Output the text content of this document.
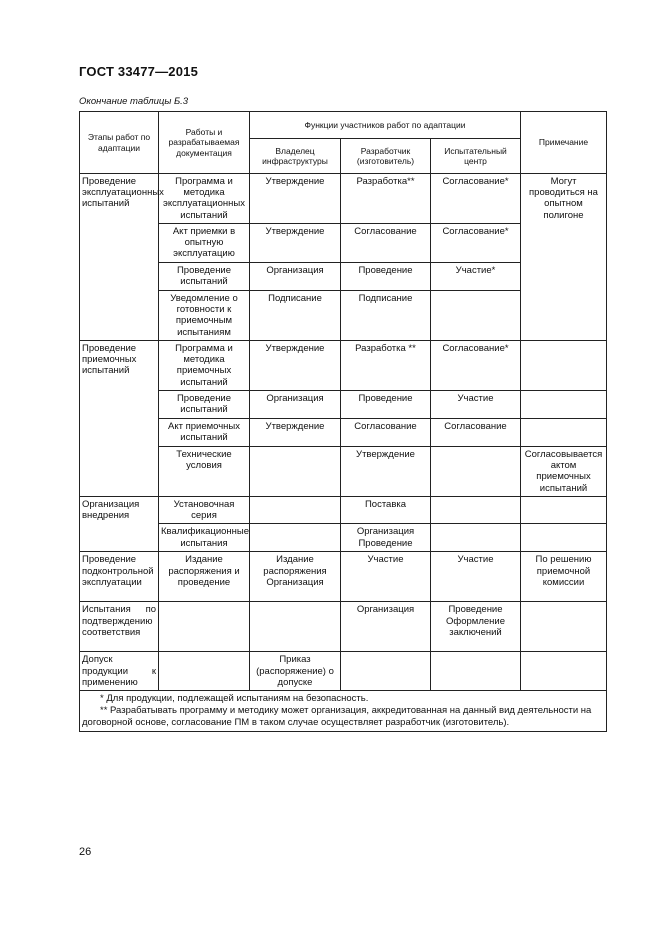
ГОСТ 33477—2015
Окончание таблицы Б.3
Этапы работ по адаптации	Работы и разрабатываемая документация	Функции участников работ по адаптации			Примечание
		Владелец инфраструктуры	Разработчик (изготовитель)	Испытательный центр	
Проведение эксплуатационных испытаний	Программа и методика эксплуатационных испытаний	Утверждение	Разработка**	Согласование*	Могут проводиться на опытном полигоне
	Акт приемки в опытную эксплуатацию	Утверждение	Согласование	Согласование*	
	Проведение испытаний	Организация	Проведение	Участие*	
	Уведомление о готовности к приемочным испытаниям	Подписание	Подписание		
Проведение приемочных испытаний	Программа и методика приемочных испытаний	Утверждение	Разработка **	Согласование*	
	Проведение испытаний	Организация	Проведение	Участие	
	Акт приемочных испытаний	Утверждение	Согласование	Согласование	
	Технические условия		Утверждение		Согласовывается актом приемочных испытаний
Организация внедрения	Установочная серия		Поставка		
	Квалификационные испытания		Организация Проведение		
Проведение подконтрольной эксплуатации	Издание распоряжения и проведение	Издание распоряжения Организация	Участие	Участие	По решению приемочной комиссии
Испытания по подтверждению соответствия			Организация	Проведение Оформление заключений	
Допуск продукции к применению		Приказ (распоряжение) о допуске			

* Для продукции, подлежащей испытаниям на безопасность.
** Разрабатывать программу и методику может организация, аккредитованная на данный вид деятельности на договорной основе, согласование ПМ в таком случае осуществляет разработчик (изготовитель).					
26
